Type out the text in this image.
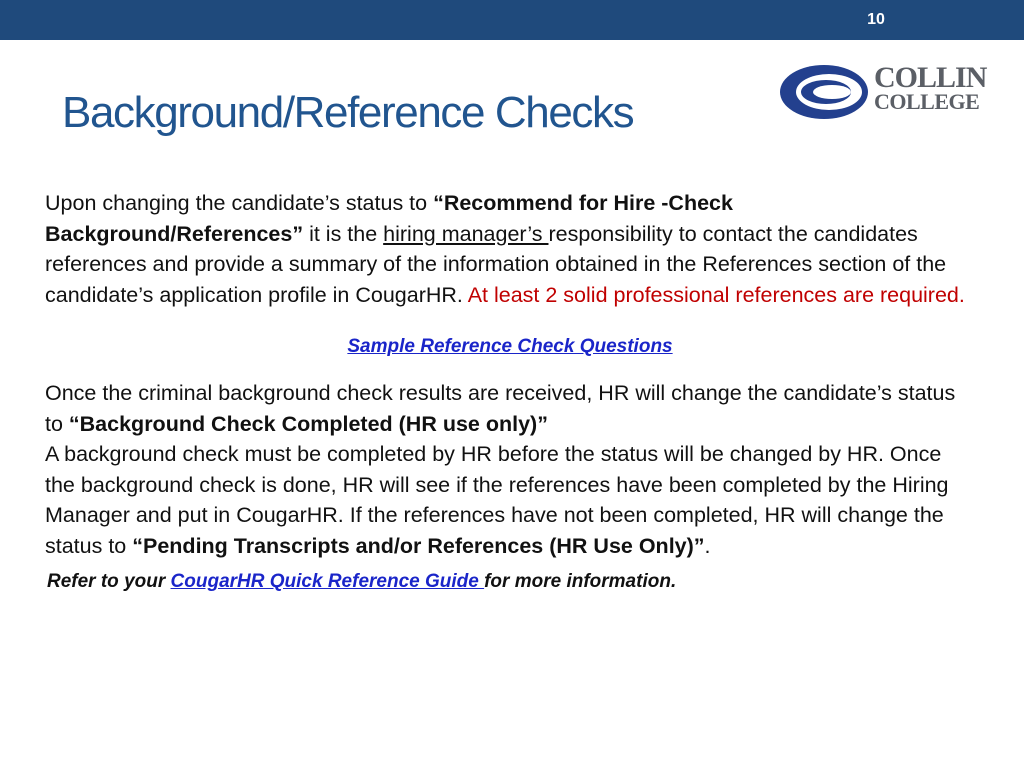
10
COLLIN
COLLEGE
Background/Reference Checks

Upon changing the candidate’s status to “Recommend for Hire -Check Background/References” it is the hiring manager’s responsibility to contact the candidates references and provide a summary of the information obtained in the References section of the candidate’s application profile in CougarHR. At least 2 solid professional references are required.

Sample Reference Check Questions

Once the criminal background check results are received, HR will change the candidate’s status to “Background Check Completed (HR use only)”

A background check must be completed by HR before the status will be changed by HR. Once the background check is done, HR will see if the references have been completed by the Hiring Manager and put in CougarHR. If the references have not been completed, HR will change the status to “Pending Transcripts and/or References (HR Use Only)”.

Refer to your CougarHR Quick Reference Guide for more information.
